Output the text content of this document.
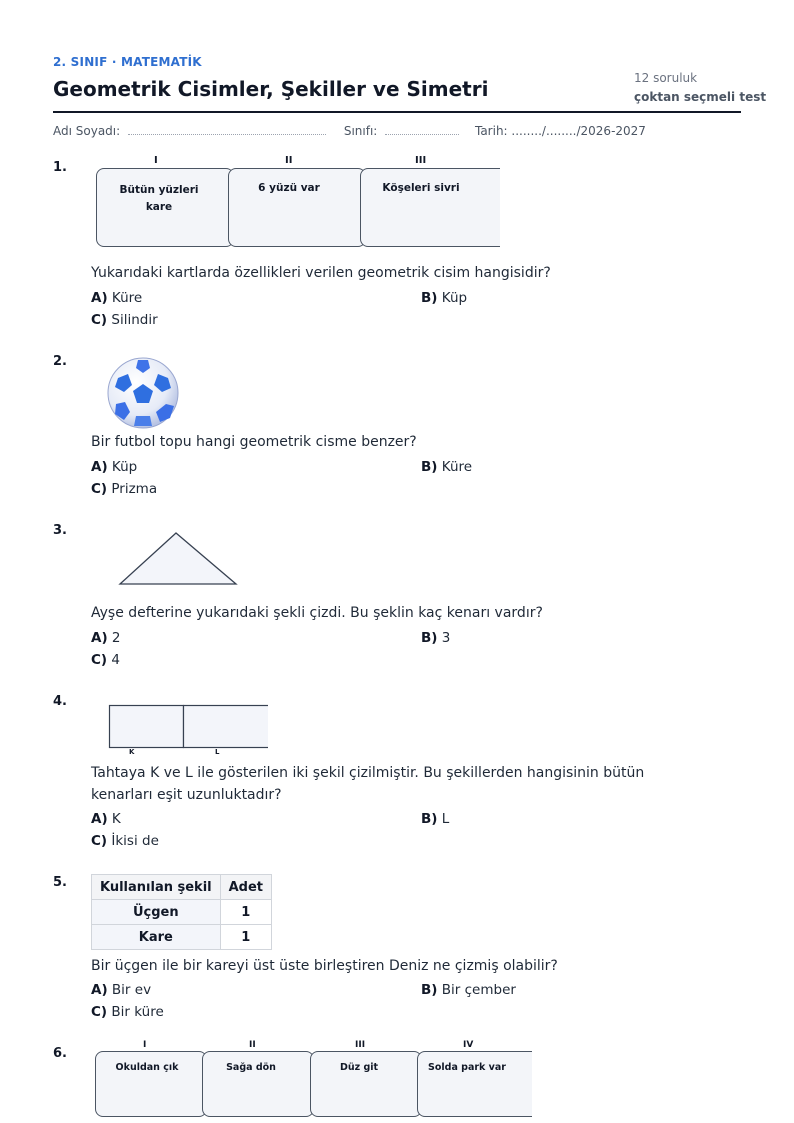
2. SINIF · MATEMATİK
Geometrik Cisimler, Şekiller ve Simetri	12 soruluk
çoktan seçmeli test
Adı Soyadı:	Sınıfı:	Tarih: ......../......../2026-2027
1.	I	II	III
Bütün yüzleri kare
6 yüzü var	Köşeleri sivri
Yukarıdaki kartlarda özellikleri verilen geometrik cisim hangisidir?
A) Küre	B) Küp
C) Silindir
2.
Bir futbol topu hangi geometrik cisme benzer?
A) Küp	B) Küre
C) Prizma
3.
Ayşe defterine yukarıdaki şekli çizdi. Bu şeklin kaç kenarı vardır?
A) 2	B) 3
C) 4
4.
K	L
Tahtaya K ve L ile gösterilen iki şekil çizilmiştir. Bu şekillerden hangisinin bütün kenarları eşit uzunluktadır?
A) K	B) L
C) İkisi de
5.	Kullanılan şekil	Adet
Üçgen	1
Kare	1
Bir üçgen ile bir kareyi üst üste birleştiren Deniz ne çizmiş olabilir?
A) Bir ev	B) Bir çember
C) Bir küre
6.
I	II	III	IV
Okuldan çık	Sağa dön	Düz git	Solda park var
